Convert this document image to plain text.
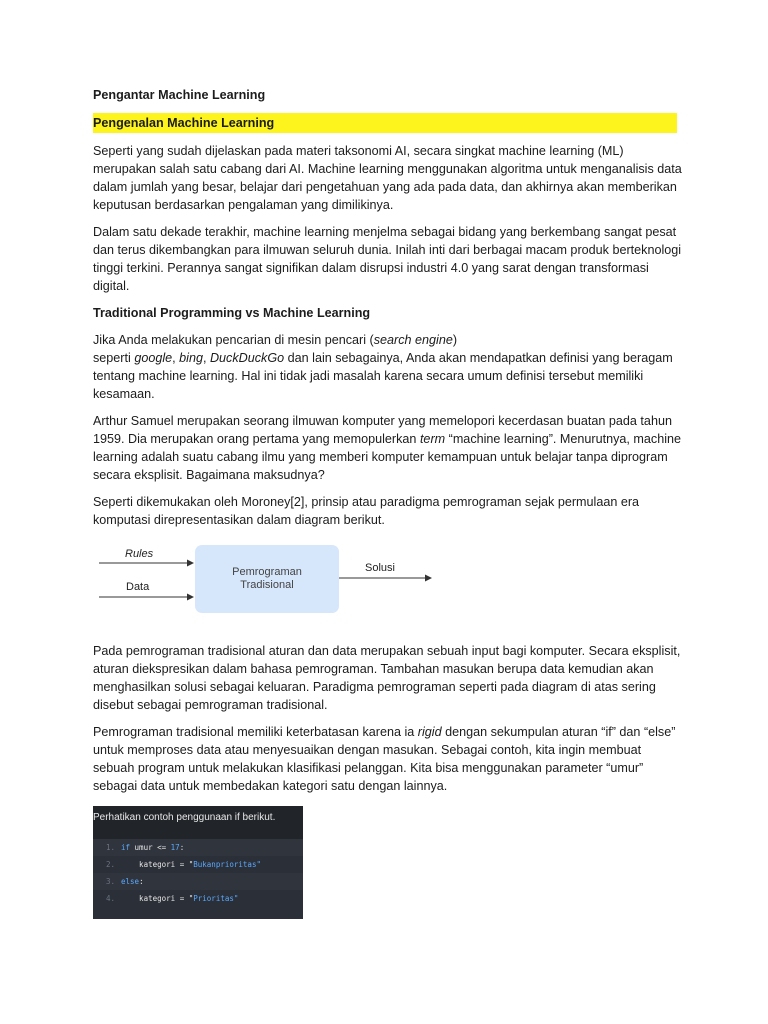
Pengantar Machine Learning
Pengenalan Machine Learning

Seperti yang sudah dijelaskan pada materi taksonomi AI, secara singkat machine learning (ML) merupakan salah satu cabang dari AI. Machine learning menggunakan algoritma untuk menganalisis data dalam jumlah yang besar, belajar dari pengetahuan yang ada pada data, dan akhirnya akan memberikan keputusan berdasarkan pengalaman yang dimilikinya.

Dalam satu dekade terakhir, machine learning menjelma sebagai bidang yang berkembang sangat pesat dan terus dikembangkan para ilmuwan seluruh dunia. Inilah inti dari berbagai macam produk berteknologi tinggi terkini. Perannya sangat signifikan dalam disrupsi industri 4.0 yang sarat dengan transformasi digital.

Traditional Programming vs Machine Learning

Jika Anda melakukan pencarian di mesin pencari (search engine)
seperti google, bing, DuckDuckGo dan lain sebagainya, Anda akan mendapatkan definisi yang beragam tentang machine learning. Hal ini tidak jadi masalah karena secara umum definisi tersebut memiliki kesamaan.

Arthur Samuel merupakan seorang ilmuwan komputer yang memelopori kecerdasan buatan pada tahun 1959. Dia merupakan orang pertama yang memopulerkan term “machine learning”. Menurutnya, machine learning adalah suatu cabang ilmu yang memberi komputer kemampuan untuk belajar tanpa diprogram secara eksplisit. Bagaimana maksudnya?

Seperti dikemukakan oleh Moroney[2], prinsip atau paradigma pemrograman sejak permulaan era komputasi direpresentasikan dalam diagram berikut.

Rules
Data
Pemrograman
Tradisional
Solusi

Pada pemrograman tradisional aturan dan data merupakan sebuah input bagi komputer. Secara eksplisit, aturan diekspresikan dalam bahasa pemrograman. Tambahan masukan berupa data kemudian akan menghasilkan solusi sebagai keluaran. Paradigma pemrograman seperti pada diagram di atas sering disebut sebagai pemrograman tradisional.

Pemrograman tradisional memiliki keterbatasan karena ia rigid dengan sekumpulan aturan “if” dan “else” untuk memproses data atau menyesuaikan dengan masukan. Sebagai contoh, kita ingin membuat sebuah program untuk melakukan klasifikasi pelanggan. Kita bisa menggunakan parameter “umur” sebagai data untuk membedakan kategori satu dengan lainnya.

Perhatikan contoh penggunaan if berikut.
1. if umur <= 17 :
2. kategori = " Bukan prioritas"
3. else :
4. kategori = " Prioritas "
